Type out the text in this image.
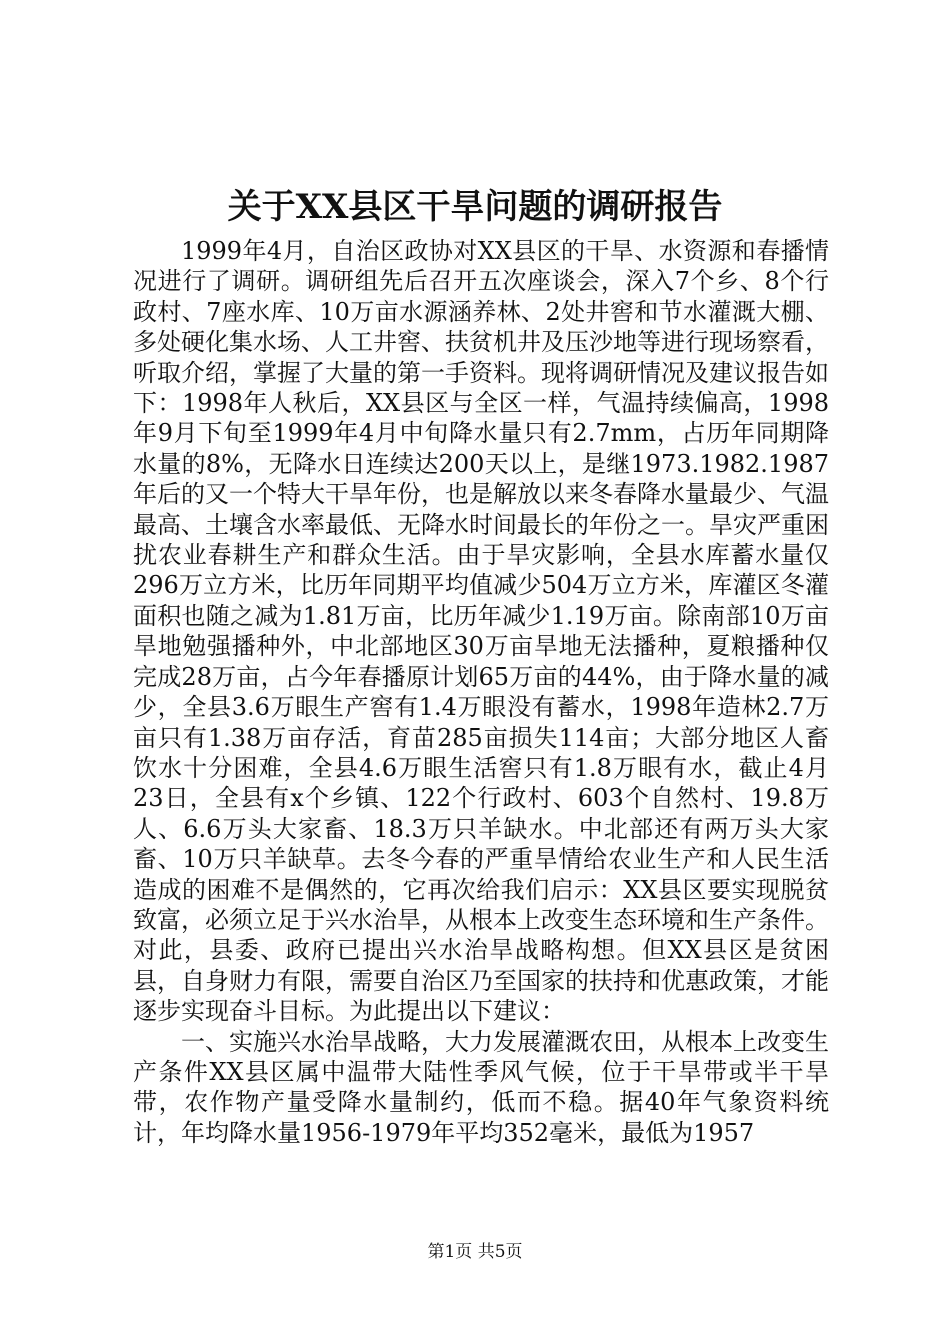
关于XX县区干旱问题的调研报告

1999年4月，自治区政协对XX县区的干旱、水资源和春播情况进行了调研。调研组先后召开五次座谈会，深入7个乡、8个行政村、7座水库、10万亩水源涵养林、2处井窖和节水灌溉大棚、多处硬化集水场、人工井窖、扶贫机井及压沙地等进行现场察看，听取介绍，掌握了大量的第一手资料。现将调研情况及建议报告如下：1998年人秋后，XX县区与全区一样，气温持续偏高，1998年9月下旬至1999年4月中旬降水量只有2.7mm，占历年同期降水量的8%，无降水日连续达200天以上，是继1973.1982.1987年后的又一个特大干旱年份，也是解放以来冬春降水量最少、气温最高、土壤含水率最低、无降水时间最长的年份之一。旱灾严重困扰农业春耕生产和群众生活。由于旱灾影响，全县水库蓄水量仅296万立方米，比历年同期平均值减少504万立方米，库灌区冬灌面积也随之减为1.81万亩，比历年减少1.19万亩。除南部10万亩旱地勉强播种外，中北部地区30万亩旱地无法播种，夏粮播种仅完成28万亩，占今年春播原计划65万亩的44%，由于降水量的减少，全县3.6万眼生产窖有1.4万眼没有蓄水，1998年造林2.7万亩只有1.38万亩存活，育苗285亩损失114亩；大部分地区人畜饮水十分困难，全县4.6万眼生活窖只有1.8万眼有水，截止4月23日，全县有x个乡镇、122个行政村、603个自然村、19.8万人、6.6万头大家畜、18.3万只羊缺水。中北部还有两万头大家畜、10万只羊缺草。去冬今春的严重旱情给农业生产和人民生活造成的困难不是偶然的，它再次给我们启示：XX县区要实现脱贫致富，必须立足于兴水治旱，从根本上改变生态环境和生产条件。对此，县委、政府已提出兴水治旱战略构想。但XX县区是贫困县，自身财力有限，需要自治区乃至国家的扶持和优惠政策，才能逐步实现奋斗目标。为此提出以下建议：

一、实施兴水治旱战略，大力发展灌溉农田，从根本上改变生产条件XX县区属中温带大陆性季风气候，位于干旱带或半干旱带，农作物产量受降水量制约，低而不稳。据40年气象资料统计，年均降水量1956-1979年平均352毫米，最低为1957

第1页 共5页
